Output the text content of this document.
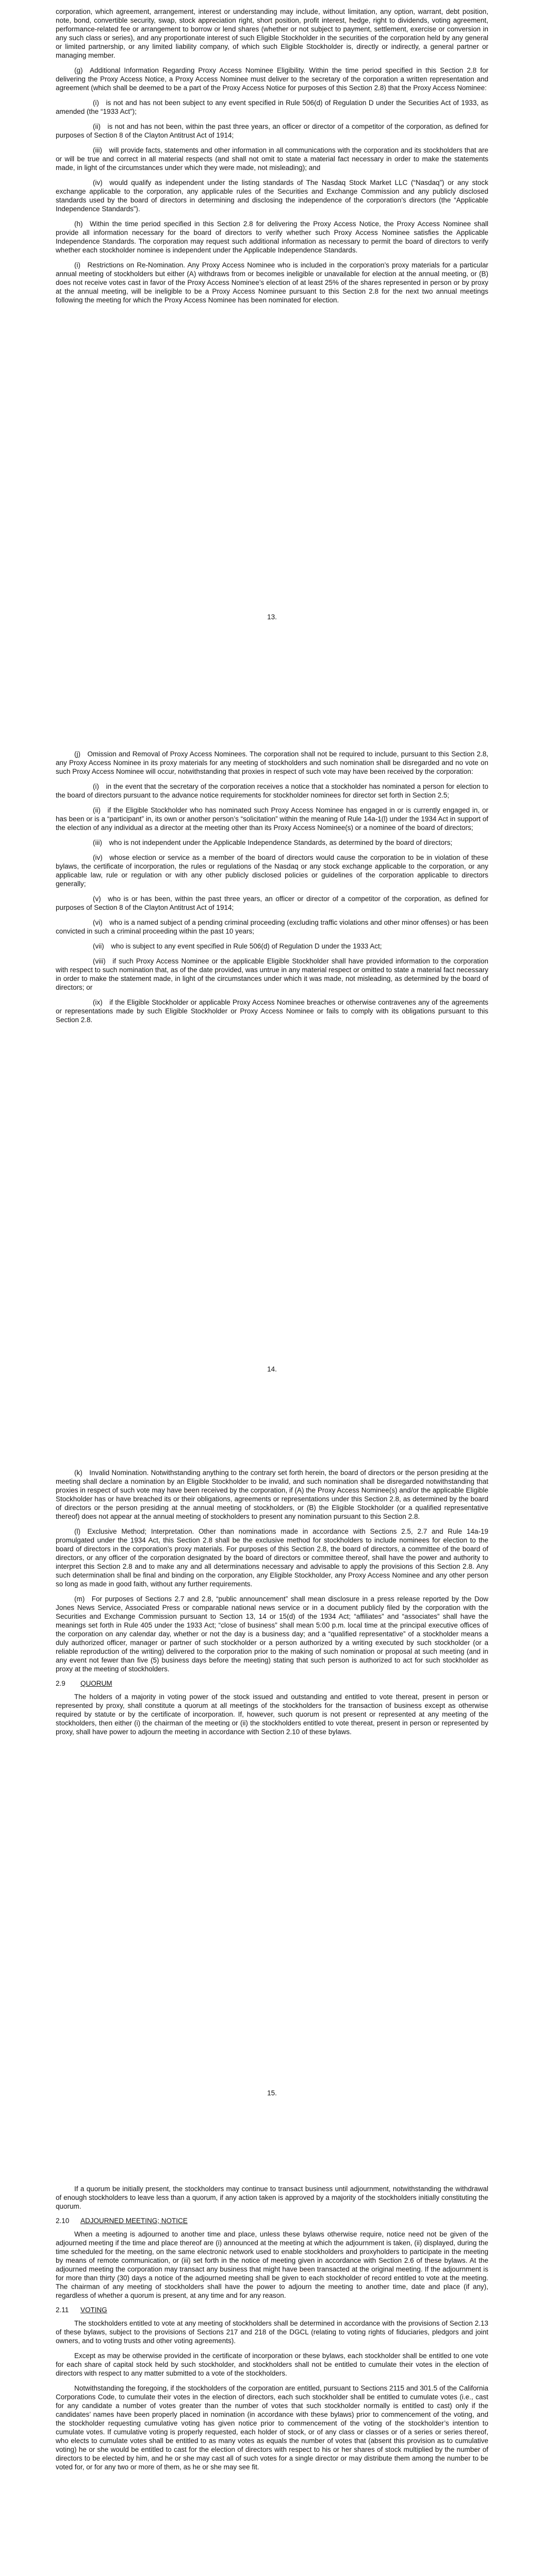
corporation, which agreement, arrangement, interest or understanding may include, without limitation, any option, warrant, debt position, note, bond, convertible security, swap, stock appreciation right, short position, profit interest, hedge, right to dividends, voting agreement, performance-related fee or arrangement to borrow or lend shares (whether or not subject to payment, settlement, exercise or conversion in any such class or series), and any proportionate interest of such Eligible Stockholder in the securities of the corporation held by any general or limited partnership, or any limited liability company, of which such Eligible Stockholder is, directly or indirectly, a general partner or managing member.

(g) Additional Information Regarding Proxy Access Nominee Eligibility. Within the time period specified in this Section 2.8 for delivering the Proxy Access Notice, a Proxy Access Nominee must deliver to the secretary of the corporation a written representation and agreement (which shall be deemed to be a part of the Proxy Access Notice for purposes of this Section 2.8) that the Proxy Access Nominee:

(i) is not and has not been subject to any event specified in Rule 506(d) of Regulation D under the Securities Act of 1933, as amended (the “1933 Act”);

(ii) is not and has not been, within the past three years, an officer or director of a competitor of the corporation, as defined for purposes of Section 8 of the Clayton Antitrust Act of 1914;

(iii) will provide facts, statements and other information in all communications with the corporation and its stockholders that are or will be true and correct in all material respects (and shall not omit to state a material fact necessary in order to make the statements made, in light of the circumstances under which they were made, not misleading); and

(iv) would qualify as independent under the listing standards of The Nasdaq Stock Market LLC (“Nasdaq”) or any stock exchange applicable to the corporation, any applicable rules of the Securities and Exchange Commission and any publicly disclosed standards used by the board of directors in determining and disclosing the independence of the corporation’s directors (the “Applicable Independence Standards”).

(h) Within the time period specified in this Section 2.8 for delivering the Proxy Access Notice, the Proxy Access Nominee shall provide all information necessary for the board of directors to verify whether such Proxy Access Nominee satisfies the Applicable Independence Standards. The corporation may request such additional information as necessary to permit the board of directors to verify whether each stockholder nominee is independent under the Applicable Independence Standards.

(i) Restrictions on Re-Nomination. Any Proxy Access Nominee who is included in the corporation’s proxy materials for a particular annual meeting of stockholders but either (A) withdraws from or becomes ineligible or unavailable for election at the annual meeting, or (B) does not receive votes cast in favor of the Proxy Access Nominee’s election of at least 25% of the shares represented in person or by proxy at the annual meeting, will be ineligible to be a Proxy Access Nominee pursuant to this Section 2.8 for the next two annual meetings following the meeting for which the Proxy Access Nominee has been nominated for election.

13.

(j) Omission and Removal of Proxy Access Nominees. The corporation shall not be required to include, pursuant to this Section 2.8, any Proxy Access Nominee in its proxy materials for any meeting of stockholders and such nomination shall be disregarded and no vote on such Proxy Access Nominee will occur, notwithstanding that proxies in respect of such vote may have been received by the corporation:

(i) in the event that the secretary of the corporation receives a notice that a stockholder has nominated a person for election to the board of directors pursuant to the advance notice requirements for stockholder nominees for director set forth in Section 2.5;

(ii) if the Eligible Stockholder who has nominated such Proxy Access Nominee has engaged in or is currently engaged in, or has been or is a “participant” in, its own or another person’s “solicitation” within the meaning of Rule 14a-1(l) under the 1934 Act in support of the election of any individual as a director at the meeting other than its Proxy Access Nominee(s) or a nominee of the board of directors;

(iii) who is not independent under the Applicable Independence Standards, as determined by the board of directors;

(iv) whose election or service as a member of the board of directors would cause the corporation to be in violation of these bylaws, the certificate of incorporation, the rules or regulations of the Nasdaq or any stock exchange applicable to the corporation, or any applicable law, rule or regulation or with any other publicly disclosed policies or guidelines of the corporation applicable to directors generally;

(v) who is or has been, within the past three years, an officer or director of a competitor of the corporation, as defined for purposes of Section 8 of the Clayton Antitrust Act of 1914;

(vi) who is a named subject of a pending criminal proceeding (excluding traffic violations and other minor offenses) or has been convicted in such a criminal proceeding within the past 10 years;

(vii) who is subject to any event specified in Rule 506(d) of Regulation D under the 1933 Act;

(viii) if such Proxy Access Nominee or the applicable Eligible Stockholder shall have provided information to the corporation with respect to such nomination that, as of the date provided, was untrue in any material respect or omitted to state a material fact necessary in order to make the statement made, in light of the circumstances under which it was made, not misleading, as determined by the board of directors; or

(ix) if the Eligible Stockholder or applicable Proxy Access Nominee breaches or otherwise contravenes any of the agreements or representations made by such Eligible Stockholder or Proxy Access Nominee or fails to comply with its obligations pursuant to this Section 2.8.

14.

(k) Invalid Nomination. Notwithstanding anything to the contrary set forth herein, the board of directors or the person presiding at the meeting shall declare a nomination by an Eligible Stockholder to be invalid, and such nomination shall be disregarded notwithstanding that proxies in respect of such vote may have been received by the corporation, if (A) the Proxy Access Nominee(s) and/or the applicable Eligible Stockholder has or have breached its or their obligations, agreements or representations under this Section 2.8, as determined by the board of directors or the person presiding at the annual meeting of stockholders, or (B) the Eligible Stockholder (or a qualified representative thereof) does not appear at the annual meeting of stockholders to present any nomination pursuant to this Section 2.8.

(l) Exclusive Method; Interpretation. Other than nominations made in accordance with Sections 2.5, 2.7 and Rule 14a-19 promulgated under the 1934 Act, this Section 2.8 shall be the exclusive method for stockholders to include nominees for election to the board of directors in the corporation’s proxy materials. For purposes of this Section 2.8, the board of directors, a committee of the board of directors, or any officer of the corporation designated by the board of directors or committee thereof, shall have the power and authority to interpret this Section 2.8 and to make any and all determinations necessary and advisable to apply the provisions of this Section 2.8. Any such determination shall be final and binding on the corporation, any Eligible Stockholder, any Proxy Access Nominee and any other person so long as made in good faith, without any further requirements.

(m) For purposes of Sections 2.7 and 2.8, “public announcement” shall mean disclosure in a press release reported by the Dow Jones News Service, Associated Press or comparable national news service or in a document publicly filed by the corporation with the Securities and Exchange Commission pursuant to Section 13, 14 or 15(d) of the 1934 Act; “affiliates” and “associates” shall have the meanings set forth in Rule 405 under the 1933 Act; “close of business” shall mean 5:00 p.m. local time at the principal executive offices of the corporation on any calendar day, whether or not the day is a business day; and a “qualified representative” of a stockholder means a duly authorized officer, manager or partner of such stockholder or a person authorized by a writing executed by such stockholder (or a reliable reproduction of the writing) delivered to the corporation prior to the making of such nomination or proposal at such meeting (and in any event not fewer than five (5) business days before the meeting) stating that such person is authorized to act for such stockholder as proxy at the meeting of stockholders.

2.9	QUORUM

The holders of a majority in voting power of the stock issued and outstanding and entitled to vote thereat, present in person or represented by proxy, shall constitute a quorum at all meetings of the stockholders for the transaction of business except as otherwise required by statute or by the certificate of incorporation. If, however, such quorum is not present or represented at any meeting of the stockholders, then either (i) the chairman of the meeting or (ii) the stockholders entitled to vote thereat, present in person or represented by proxy, shall have power to adjourn the meeting in accordance with Section 2.10 of these bylaws.

15.

If a quorum be initially present, the stockholders may continue to transact business until adjournment, notwithstanding the withdrawal of enough stockholders to leave less than a quorum, if any action taken is approved by a majority of the stockholders initially constituting the quorum.

2.10	ADJOURNED MEETING; NOTICE

When a meeting is adjourned to another time and place, unless these bylaws otherwise require, notice need not be given of the adjourned meeting if the time and place thereof are (i) announced at the meeting at which the adjournment is taken, (ii) displayed, during the time scheduled for the meeting, on the same electronic network used to enable stockholders and proxyholders to participate in the meeting by means of remote communication, or (iii) set forth in the notice of meeting given in accordance with Section 2.6 of these bylaws. At the adjourned meeting the corporation may transact any business that might have been transacted at the original meeting. If the adjournment is for more than thirty (30) days a notice of the adjourned meeting shall be given to each stockholder of record entitled to vote at the meeting. The chairman of any meeting of stockholders shall have the power to adjourn the meeting to another time, date and place (if any), regardless of whether a quorum is present, at any time and for any reason.

2.11	VOTING

The stockholders entitled to vote at any meeting of stockholders shall be determined in accordance with the provisions of Section 2.13 of these bylaws, subject to the provisions of Sections 217 and 218 of the DGCL (relating to voting rights of fiduciaries, pledgors and joint owners, and to voting trusts and other voting agreements).

Except as may be otherwise provided in the certificate of incorporation or these bylaws, each stockholder shall be entitled to one vote for each share of capital stock held by such stockholder, and stockholders shall not be entitled to cumulate their votes in the election of directors with respect to any matter submitted to a vote of the stockholders.

Notwithstanding the foregoing, if the stockholders of the corporation are entitled, pursuant to Sections 2115 and 301.5 of the California Corporations Code, to cumulate their votes in the election of directors, each such stockholder shall be entitled to cumulate votes (i.e., cast for any candidate a number of votes greater than the number of votes that such stockholder normally is entitled to cast) only if the candidates’ names have been properly placed in nomination (in accordance with these bylaws) prior to commencement of the voting, and the stockholder requesting cumulative voting has given notice prior to commencement of the voting of the stockholder’s intention to cumulate votes. If cumulative voting is properly requested, each holder of stock, or of any class or classes or of a series or series thereof, who elects to cumulate votes shall be entitled to as many votes as equals the number of votes that (absent this provision as to cumulative voting) he or she would be entitled to cast for the election of directors with respect to his or her shares of stock multiplied by the number of directors to be elected by him, and he or she may cast all of such votes for a single director or may distribute them among the number to be voted for, or for any two or more of them, as he or she may see fit.
